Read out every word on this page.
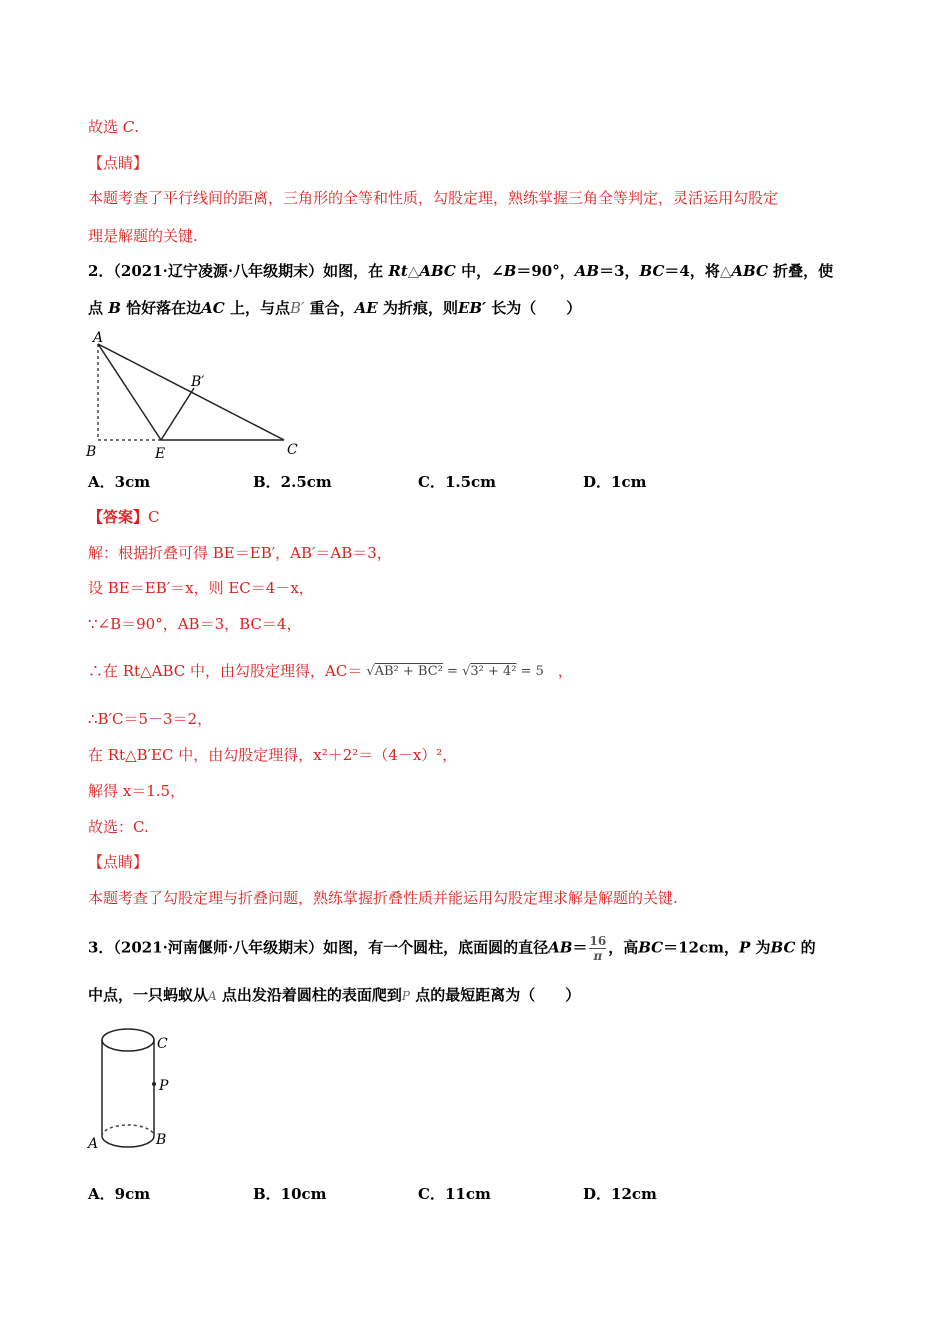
故选 C.
【点睛】
本题考查了平行线间的距离，三角形的全等和性质，勾股定理，熟练掌握三角全等判定，灵活运用勾股定
理是解题的关键.
2．（2021·辽宁凌源·八年级期末）如图，在 Rt△ABC 中，∠B＝90°，AB＝3，BC＝4，将△ABC 折叠，使
点 B 恰好落在边AC 上，与点B′ 重合，AE 为折痕，则EB′ 长为（　　）
A
B	E	C
B′
A．3cm	B．2.5cm	C．1.5cm	D．1cm
【答案】C
解：根据折叠可得 BE＝EB′，AB′＝AB＝3，
设 BE＝EB′＝x，则 EC＝4－x，
∵∠B＝90°，AB＝3，BC＝4，
∴在 Rt△ABC 中，由勾股定理得，AC＝ √AB² + BC² = √3² + 4² = 5 ，
∴B′C＝5－3＝2，
在 Rt△B′EC 中，由勾股定理得，x²＋2²＝（4－x）²，
解得 x＝1.5，
故选：C.
【点睛】
本题考查了勾股定理与折叠问题，熟练掌握折叠性质并能运用勾股定理求解是解题的关键.
3．（2021·河南偃师·八年级期末）如图，有一个圆柱，底面圆的直径$AB= \frac{16}{\pi}$ ，高BC＝12cm，P 为BC 的
中点，一只蚂蚁从A 点出发沿着圆柱的表面爬到P 点的最短距离为（　　）
C
P
A	B
A．9cm	B．10cm	C．11cm	D．12cm
